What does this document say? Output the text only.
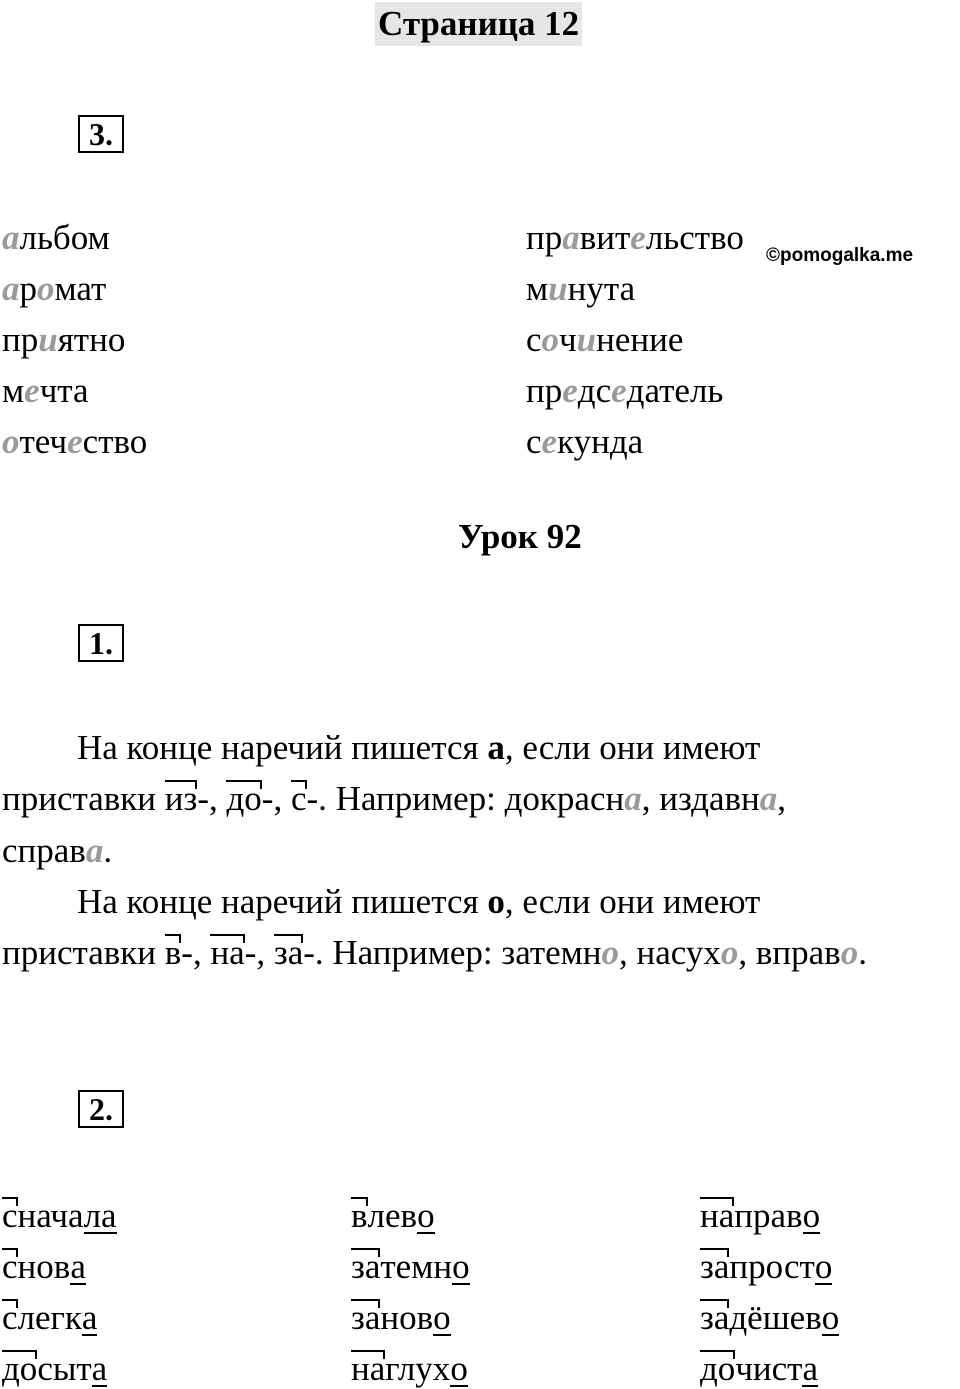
Страница 12
3.
альбом
аромат
приятно
мечта
отечество
правительство
минута
сочинение
председатель
секунда
©pomogalka.me
Урок 92
1.
На конце наречий пишется а, если они имеют
приставки из-, до-, с-. Например: докрасна, издавна,
справа.
На конце наречий пишется о, если они имеют
приставки в-, на-, за-. Например: затемно, насухо, вправо.
2.
сначала
снова
слегка
досыта
влево
затемно
заново
наглухо
направо
запросто
задёшево
дочиста
